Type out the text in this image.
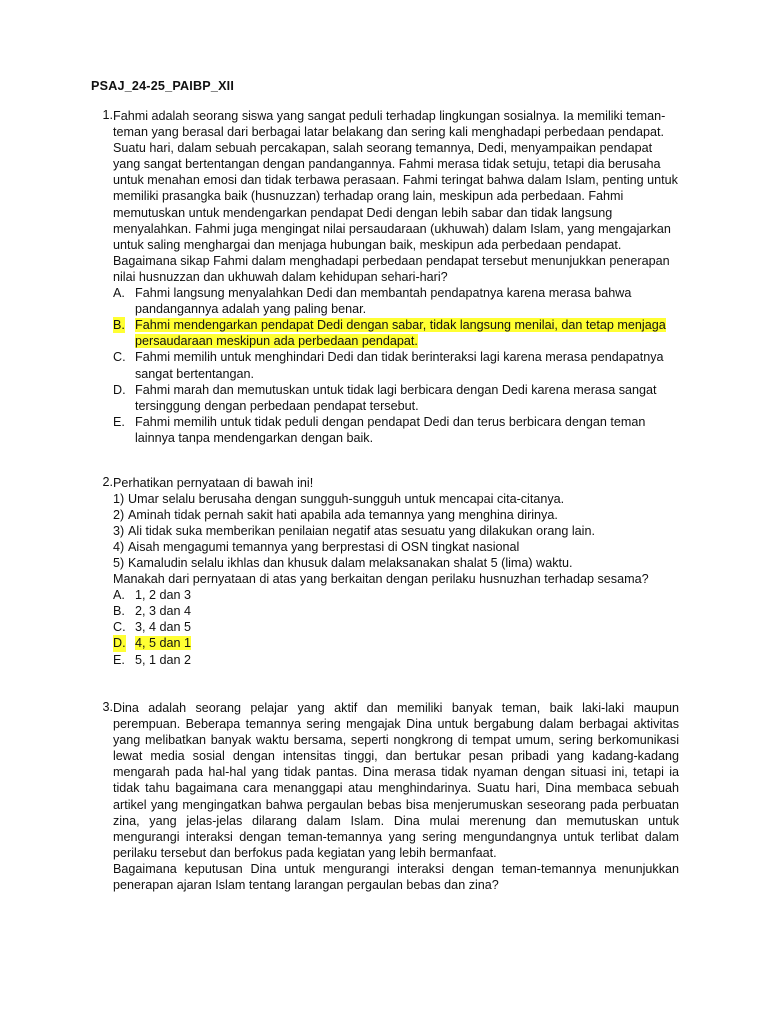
PSAJ_24-25_PAIBP_XII
1. Fahmi adalah seorang siswa yang sangat peduli terhadap lingkungan sosialnya. Ia memiliki teman-teman yang berasal dari berbagai latar belakang dan sering kali menghadapi perbedaan pendapat. Suatu hari, dalam sebuah percakapan, salah seorang temannya, Dedi, menyampaikan pendapat yang sangat bertentangan dengan pandangannya. Fahmi merasa tidak setuju, tetapi dia berusaha untuk menahan emosi dan tidak terbawa perasaan. Fahmi teringat bahwa dalam Islam, penting untuk memiliki prasangka baik (husnuzzan) terhadap orang lain, meskipun ada perbedaan. Fahmi memutuskan untuk mendengarkan pendapat Dedi dengan lebih sabar dan tidak langsung menyalahkan. Fahmi juga mengingat nilai persaudaraan (ukhuwah) dalam Islam, yang mengajarkan untuk saling menghargai dan menjaga hubungan baik, meskipun ada perbedaan pendapat.

Bagaimana sikap Fahmi dalam menghadapi perbedaan pendapat tersebut menunjukkan penerapan nilai husnuzzan dan ukhuwah dalam kehidupan sehari-hari?

A. Fahmi langsung menyalahkan Dedi dan membantah pendapatnya karena merasa bahwa pandangannya adalah yang paling benar.
B. Fahmi mendengarkan pendapat Dedi dengan sabar, tidak langsung menilai, dan tetap menjaga persaudaraan meskipun ada perbedaan pendapat.
C. Fahmi memilih untuk menghindari Dedi dan tidak berinteraksi lagi karena merasa pendapatnya sangat bertentangan.
D. Fahmi marah dan memutuskan untuk tidak lagi berbicara dengan Dedi karena merasa sangat tersinggung dengan perbedaan pendapat tersebut.
E. Fahmi memilih untuk tidak peduli dengan pendapat Dedi dan terus berbicara dengan teman lainnya tanpa mendengarkan dengan baik.
2. Perhatikan pernyataan di bawah ini!

1) Umar selalu berusaha dengan sungguh-sungguh untuk mencapai cita-citanya.
2) Aminah tidak pernah sakit hati apabila ada temannya yang menghina dirinya.
3) Ali tidak suka memberikan penilaian negatif atas sesuatu yang dilakukan orang lain.
4) Aisah mengagumi temannya yang berprestasi di OSN tingkat nasional
5) Kamaludin selalu ikhlas dan khusuk dalam melaksanakan shalat 5 (lima) waktu.

Manakah dari pernyataan di atas yang berkaitan dengan perilaku husnuzhan terhadap sesama?

A. 1, 2 dan 3
B. 2, 3 dan 4
C. 3, 4 dan 5
D. 4, 5 dan 1
E. 5, 1 dan 2
3. Dina adalah seorang pelajar yang aktif dan memiliki banyak teman, baik laki-laki maupun perempuan. Beberapa temannya sering mengajak Dina untuk bergabung dalam berbagai aktivitas yang melibatkan banyak waktu bersama, seperti nongkrong di tempat umum, sering berkomunikasi lewat media sosial dengan intensitas tinggi, dan bertukar pesan pribadi yang kadang-kadang mengarah pada hal-hal yang tidak pantas. Dina merasa tidak nyaman dengan situasi ini, tetapi ia tidak tahu bagaimana cara menanggapi atau menghindarinya. Suatu hari, Dina membaca sebuah artikel yang mengingatkan bahwa pergaulan bebas bisa menjerumuskan seseorang pada perbuatan zina, yang jelas-jelas dilarang dalam Islam. Dina mulai merenung dan memutuskan untuk mengurangi interaksi dengan teman-temannya yang sering mengundangnya untuk terlibat dalam perilaku tersebut dan berfokus pada kegiatan yang lebih bermanfaat.

Bagaimana keputusan Dina untuk mengurangi interaksi dengan teman-temannya menunjukkan penerapan ajaran Islam tentang larangan pergaulan bebas dan zina?
